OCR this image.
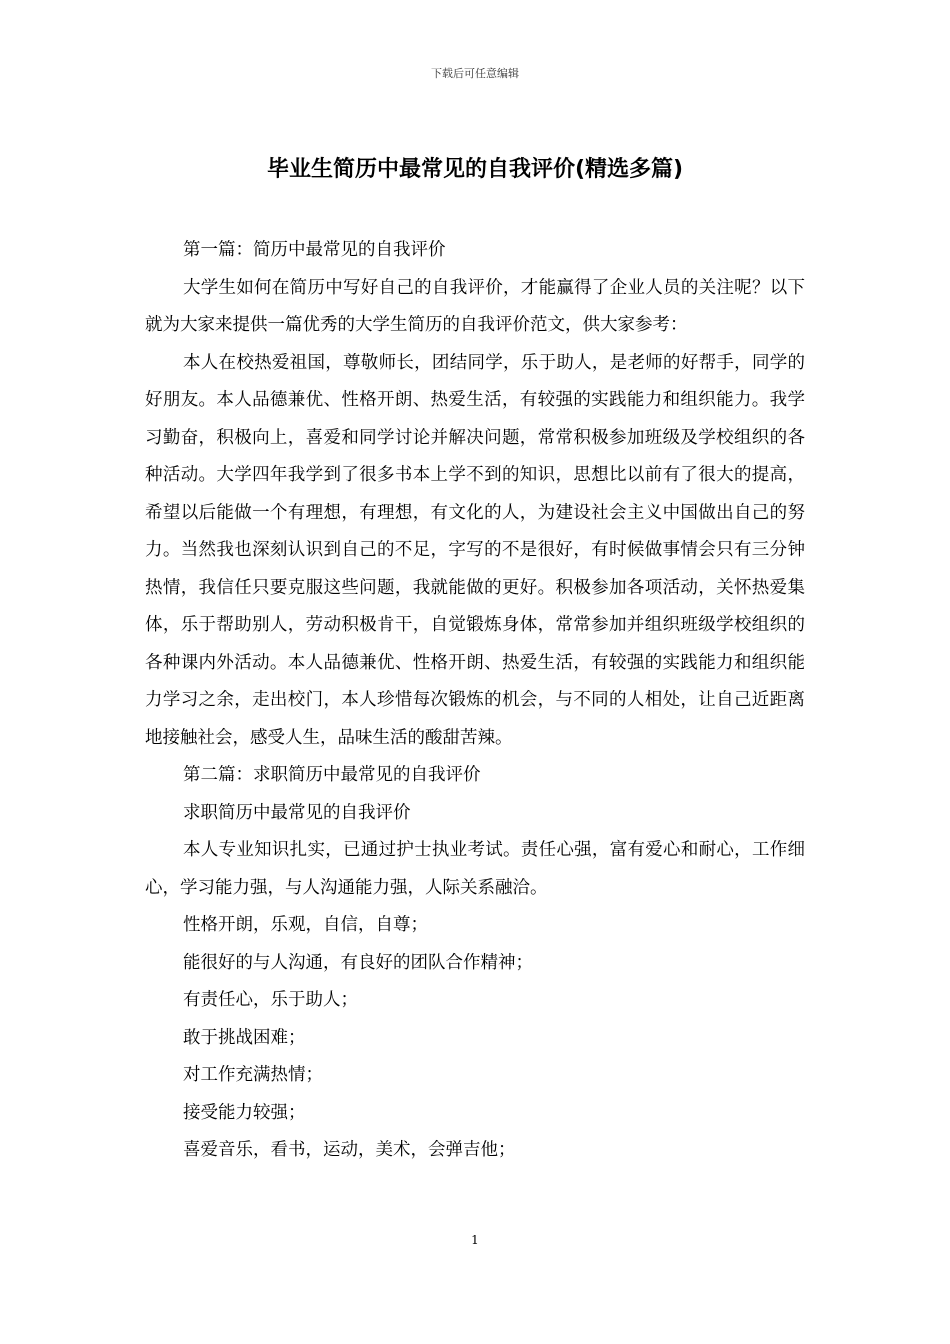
下载后可任意编辑
毕业生简历中最常见的自我评价(精选多篇)

第一篇：简历中最常见的自我评价

大学生如何在简历中写好自己的自我评价，才能赢得了企业人员的关注呢？以下就为大家来提供一篇优秀的大学生简历的自我评价范文，供大家参考：

本人在校热爱祖国，尊敬师长，团结同学，乐于助人，是老师的好帮手，同学的好朋友。本人品德兼优、性格开朗、热爱生活，有较强的实践能力和组织能力。我学习勤奋，积极向上，喜爱和同学讨论并解决问题，常常积极参加班级及学校组织的各种活动。大学四年我学到了很多书本上学不到的知识，思想比以前有了很大的提高，希望以后能做一个有理想，有理想，有文化的人，为建设社会主义中国做出自己的努力。当然我也深刻认识到自己的不足，字写的不是很好，有时候做事情会只有三分钟热情，我信任只要克服这些问题，我就能做的更好。积极参加各项活动，关怀热爱集体，乐于帮助别人，劳动积极肯干，自觉锻炼身体，常常参加并组织班级学校组织的各种课内外活动。本人品德兼优、性格开朗、热爱生活，有较强的实践能力和组织能力学习之余，走出校门，本人珍惜每次锻炼的机会，与不同的人相处，让自己近距离地接触社会，感受人生，品味生活的酸甜苦辣。

第二篇：求职简历中最常见的自我评价

求职简历中最常见的自我评价

本人专业知识扎实，已通过护士执业考试。责任心强，富有爱心和耐心，工作细心，学习能力强，与人沟通能力强，人际关系融洽。

性格开朗，乐观，自信，自尊；

能很好的与人沟通，有良好的团队合作精神；

有责任心，乐于助人；

敢于挑战困难；

对工作充满热情；

接受能力较强；

喜爱音乐，看书，运动，美术，会弹吉他；

1
